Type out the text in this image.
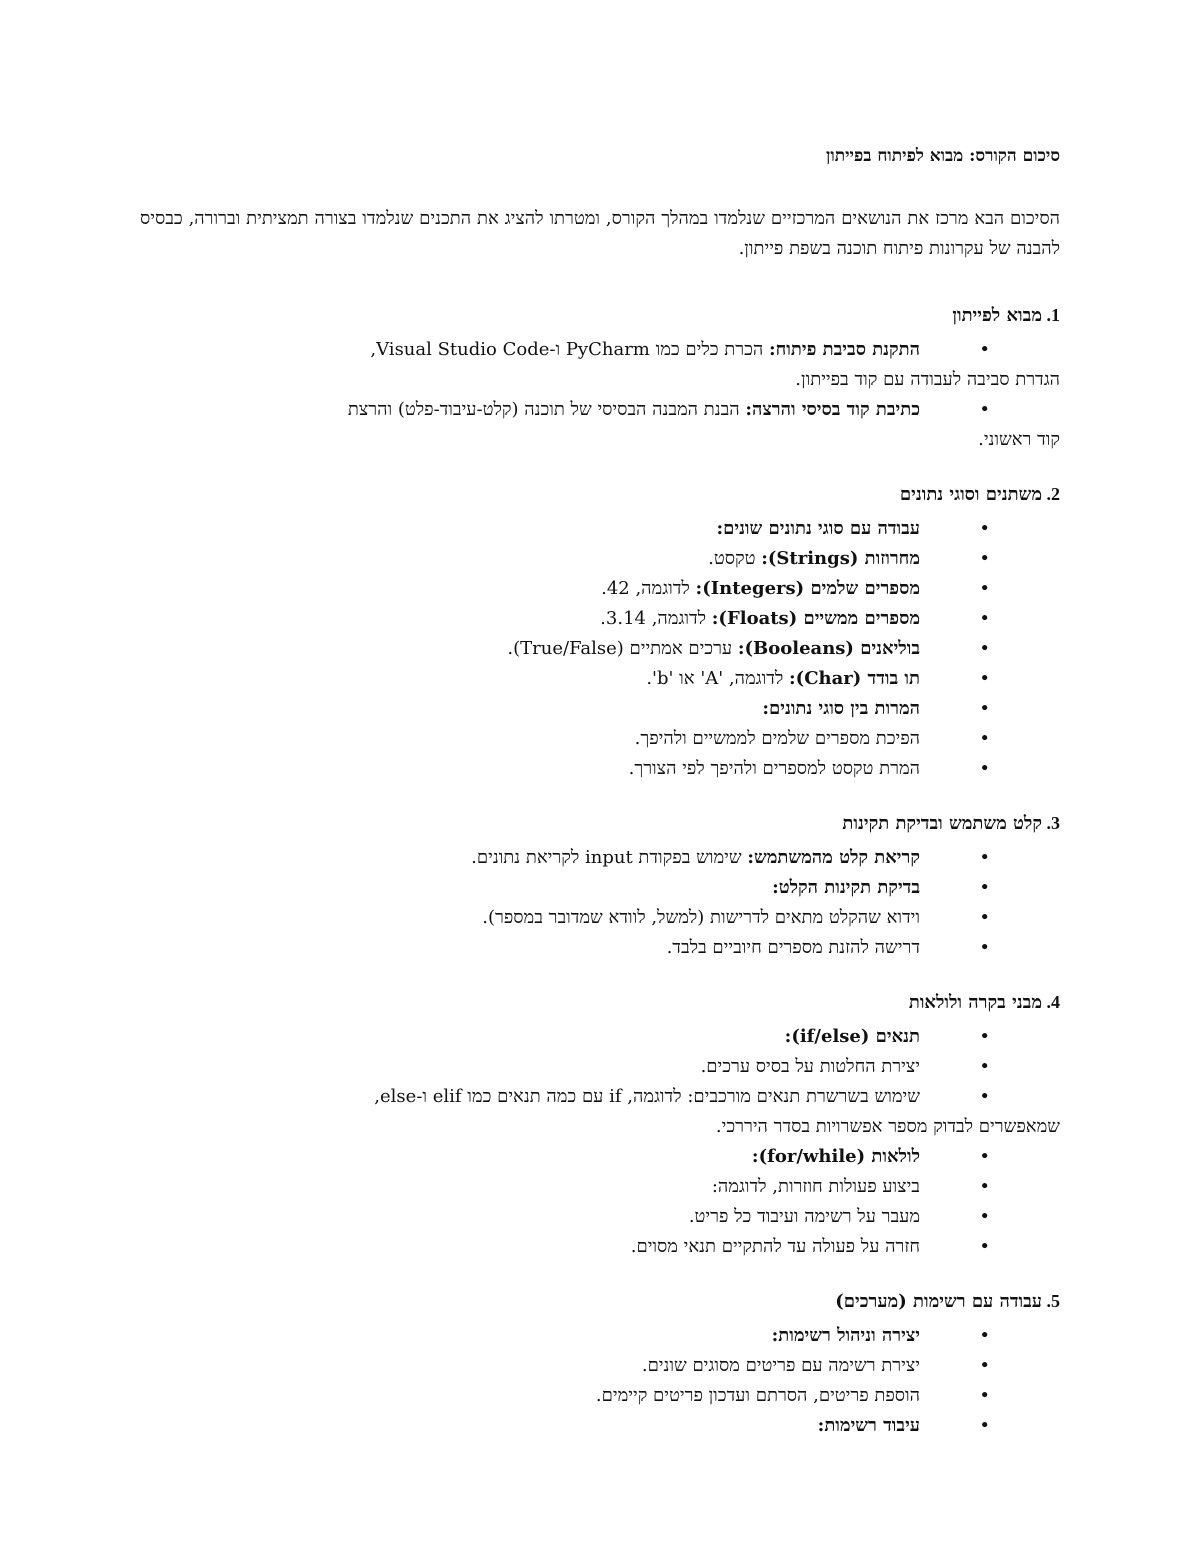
סיכום הקורס: מבוא לפיתוח בפייתון
הסיכום הבא מרכז את הנושאים המרכזיים שנלמדו במהלך הקורס, ומטרתו להציג את התכנים שנלמדו בצורה תמציתית וברורה, כבסיס להבנה של עקרונות פיתוח תוכנה בשפת פייתון.
1. מבוא לפייתון
•
התקנת סביבת פיתוח: הכרת כלים כמו PyCharm ו-Visual Studio Code,
הגדרת סביבה לעבודה עם קוד בפייתון.
•
כתיבת קוד בסיסי והרצה: הבנת המבנה הבסיסי של תוכנה (קלט-עיבוד-פלט) והרצת
קוד ראשוני.
2. משתנים וסוגי נתונים
•
עבודה עם סוגי נתונים שונים:
•
מחרוזות (Strings): טקסט.
•
מספרים שלמים (Integers): לדוגמה, 42.
•
מספרים ממשיים (Floats): לדוגמה, 3.14.
•
בוליאנים (Booleans): ערכים אמתיים (True/False).
•
תו בודד (Char): לדוגמה, 'A' או 'b'.
•
המרות בין סוגי נתונים:
•
הפיכת מספרים שלמים לממשיים ולהיפך.
•
המרת טקסט למספרים ולהיפך לפי הצורך.
3. קלט משתמש ובדיקת תקינות
•
קריאת קלט מהמשתמש: שימוש בפקודת input לקריאת נתונים.
•
בדיקת תקינות הקלט:
•
וידוא שהקלט מתאים לדרישות (למשל, לוודא שמדובר במספר).
•
דרישה להזנת מספרים חיוביים בלבד.
4. מבני בקרה ולולאות
•
תנאים (if/else):
•
יצירת החלטות על בסיס ערכים.
•
שימוש בשרשרת תנאים מורכבים: לדוגמה, if עם כמה תנאים כמו elif ו-else,
שמאפשרים לבדוק מספר אפשרויות בסדר היררכי.
•
לולאות (for/while):
•
ביצוע פעולות חוזרות, לדוגמה:
•
מעבר על רשימה ועיבוד כל פריט.
•
חזרה על פעולה עד להתקיים תנאי מסוים.
5. עבודה עם רשימות (מערכים)
•
יצירה וניהול רשימות:
•
יצירת רשימה עם פריטים מסוגים שונים.
•
הוספת פריטים, הסרתם ועדכון פריטים קיימים.
•
עיבוד רשימות:
